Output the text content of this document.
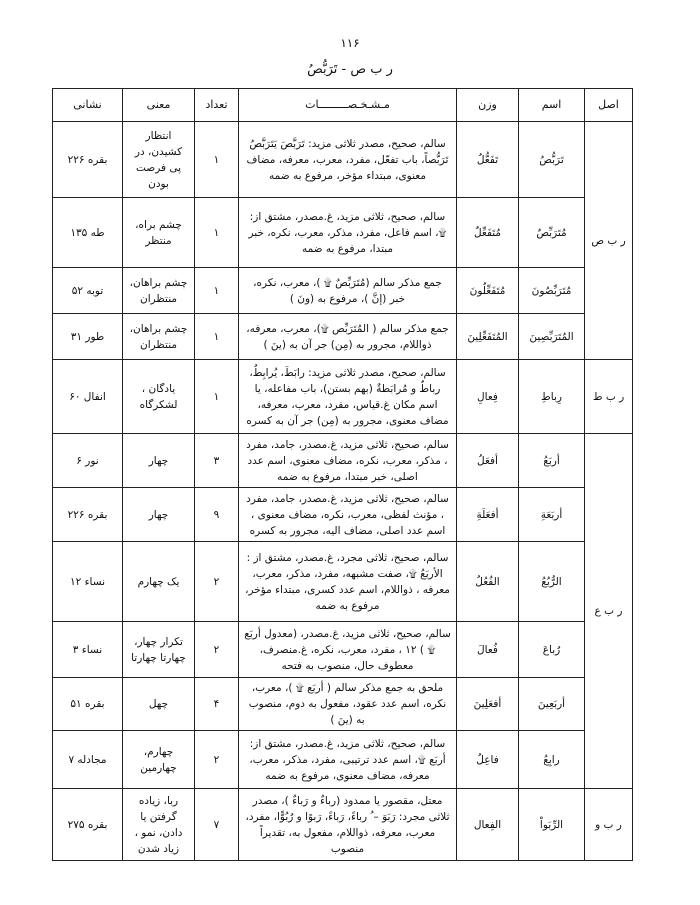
۱۱۶
ر ب ص - تَرَبُّصُ
اصل	اسم	وزن	مـشـخـصـــــــــات	تعداد	معنی	نشانی
ر ب ص	تَرَبُّصُ	تَفَعُّلُ	سالم، صحیح، مصدر ثلاثی مزید: تَرَبَّصَ یَتَرَبَّصُ تَرَبُّصاً، باب تفعّل، مفرد، معرب، معرفه، مضاف معنوی، مبتداء مؤخر، مرفوع به ضمه	۱	انتظار کشیدن، در پی فرصت بودن	بقره ۲۲۶
	مُتَرَبِّصٌ	مُتَفَعِّلٌ	سالم، صحیح، ثلاثی مزید، غ.مصدر، مشتق از: ۩، اسم فاعل، مفرد، مذکر، معرب، نکره، خبر مبتدا، مرفوع به ضمه	۱	چشم براه، منتظر	طه ۱۳۵
	مُتَرَبِّصُونَ	مُتَفَعِّلُونَ	جمع مذکر سالم (مُتَرَبِّصٌ ۩ )، معرب، نکره، خبر (إنَّ )، مرفوع به (ونَ )	۱	چشم براهان، منتظران	توبه ۵۲
	المُتَرَبِّصِينَ	المُتَفَعِّلِينَ	جمع مذکر سالم ( المُتَرَبِّص ۩)، معرب، معرفه، ذواللام، مجرور به (مِن) جر آن به (ینَ )	۱	چشم براهان، منتظران	طور ۳۱
ر ب ط	رِباطِ	فِعالِ	سالم، صحیح، مصدر ثلاثی مزید: رابَطَ، یُرابِطُ، رباطٌ و مُرابَطةٌ (بهم بستن)، باب مفاعله، یا اسم مکان غ.قیاس، مفرد، معرب، معرفه، مضاف معنوی، مجرور به (مِن) جر آن به کسره	۱	یادگان ، لشکرگاه	انفال ۶۰
ر ب ع	أربَعُ	أفعَلُ	سالم، صحیح، ثلاثی مزید، غ.مصدر، جامد، مفرد ، مذکر، معرب، نکره، مضاف معنوی، اسم عدد اصلی، خبر مبتدا، مرفوع به ضمه	۳	چهار	نور ۶
	أربَعَةِ	أفعَلَةِ	سالم، صحیح، ثلاثی مزید، غ.مصدر، جامد، مفرد ، مؤنث لفظی، معرب، نکره، مضاف معنوی ، اسم عدد اصلی، مضاف الیه، مجرور به کسره	۹	چهار	بقره ۲۲۶
	الرُّبُعُ	الفُعُلُ	سالم، صحیح، ثلاثی مجرد، غ.مصدر، مشتق از : الأربَعُ ۩، صفت مشبهه، مفرد، مذکر، معرب، معرفه ، ذواللام، اسم عدد کسری، مبتداء مؤخر، مرفوع به ضمه	۲	یک چهارم	نساء ۱۲
	رُباعَ	فُعالَ	سالم، صحیح، ثلاثی مزید، غ.مصدر، (معدول أربَع ۩ ) ۱۲ ، مفرد، معرب، نکره، غ.منصرف، معطوف حال، منصوب به فتحه	۲	تکرار چهار، چهارتا چهارتا	نساء ۳
	أربَعِينَ	أفعَلِينَ	ملحق به جمع مذکر سالم ( أربَع ۩ )، معرب، نکره، اسم عدد عقود، مفعول به دوم، منصوب به (ینَ )	۴	چهل	بقره ۵۱
	رابِعُ	فاعِلُ	سالم، صحیح، ثلاثی مزید، غ.مصدر، مشتق از: أربَع ۩، اسم عدد ترتیبی، مفرد، مذکر، معرب، معرفه، مضاف معنوی، مرفوع به ضمه	۲	چهارم، چهارمین	مجادله ۷
ر ب و	الرِّبَواْ	الفِعال	معتل، مقصور یا ممدود (رباءٌ و رَباءٌ )، مصدر ثلاثی مجرد: رَبَوَ – ُ رباءً، رَباءً، رَبوًا و رُبُوًّا، مفرد، معرب، معرفه، ذواللام، مفعول به، تقدیراً منصوب	۷	ربا، زیاده گرفتن یا دادن، نمو ، زیاد شدن	بقره ۲۷۵
